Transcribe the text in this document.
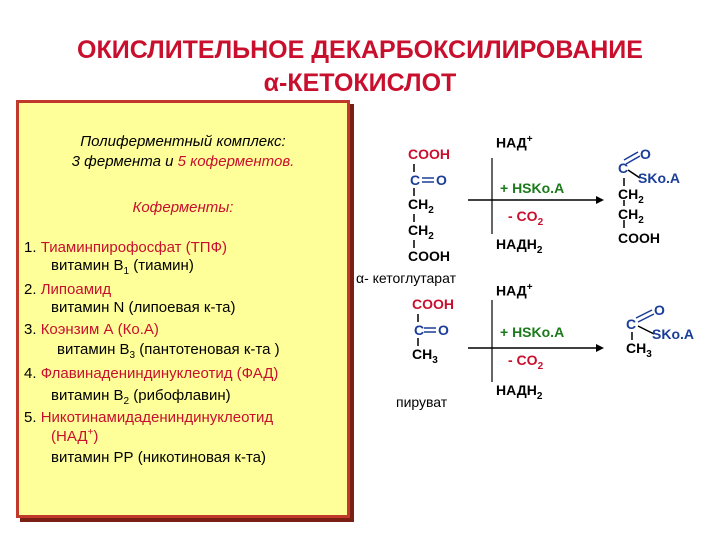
ОКИСЛИТЕЛЬНОЕ ДЕКАРБОКСИЛИРОВАНИЕ
α-КЕТОКИСЛОТ
Полиферментный комплекс:
3 фермента и 5 коферментов.
Коферменты:
1. Тиаминпирофосфат (ТПФ)
витамин $В_1$ (тиамин)
2. Липоамид
витамин N (липоевая к-та)
3. Коэнзим А (Ко.А)
витамин $В_3$ (пантотеновая к-та )
4. Флавинадениндинуклеотид (ФАД)
витамин $В_2$ (рибофлавин)
5. Никотинамидадениндинуклеотид
(НАД+)
витамин РР (никотиновая к-та)
COOH
C O
$CH_2$
$CH_2$
COOH
α- кетоглутарат
НАД+
+ HSKo.A
- $CO_2$
$НАДН_2$
C
O
SKo.A
$CH_2$
$CH_2$
COOH
COOH
C O
$CH_3$
пируват
НАД+
+ HSKo.A
- $CO_2$
$НАДН_2$
C
O
SKo.A
$CH_3$
